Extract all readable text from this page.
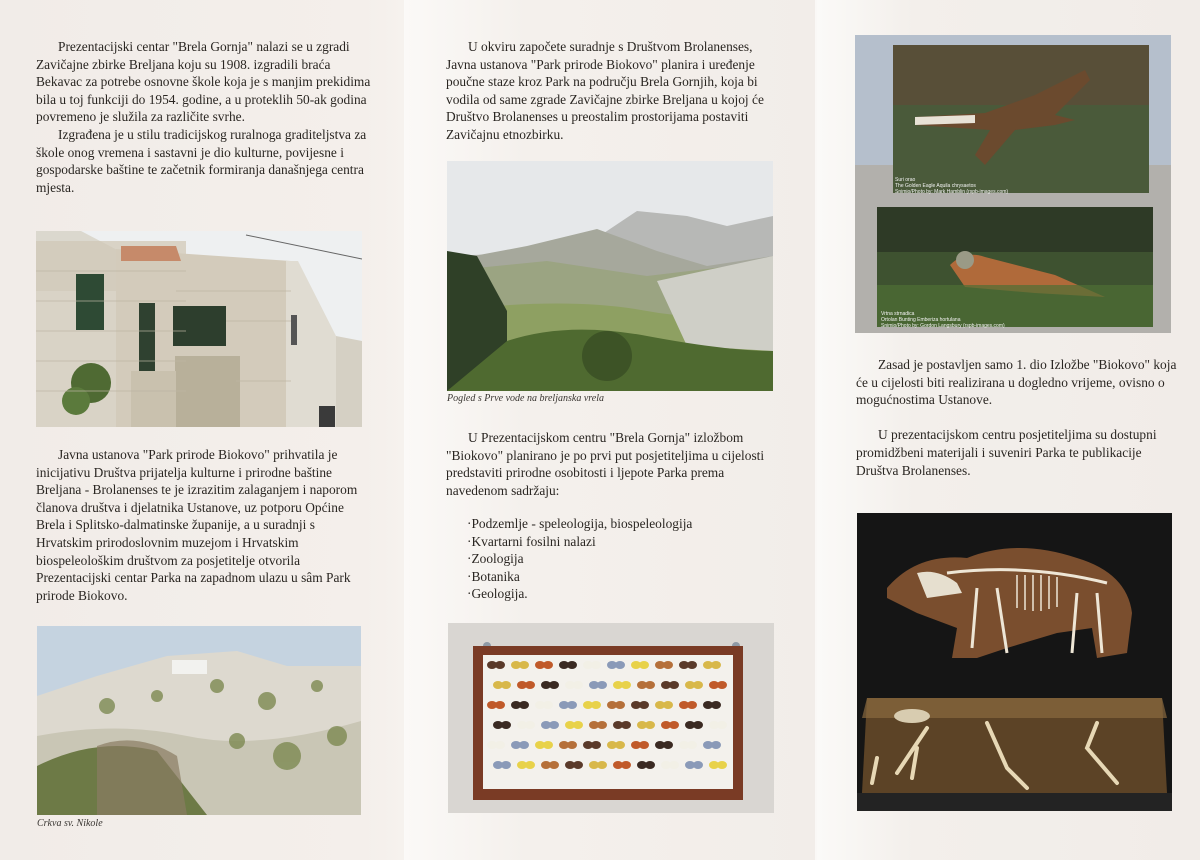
Prezentacijski centar "Brela Gornja" nalazi se u zgradi Zavičajne zbirke Breljana koju su 1908. izgradili braća Bekavac za potrebe osnovne škole koja je s manjim prekidima bila u toj funkciji do 1954. godine, a u proteklih 50-ak godina povremeno je služila za različite svrhe.

Izgrađena je u stilu tradicijskog ruralnoga graditeljstva za škole onog vremena i sastavni je dio kulturne, povijesne i gospodarske baštine te začetnik formiranja današnjega centra mjesta.

Javna ustanova "Park prirode Biokovo" prihvatila je inicijativu Društva prijatelja kulturne i prirodne baštine Breljana - Brolanenses te je izrazitim zalaganjem i naporom članova društva i djelatnika Ustanove, uz potporu Općine Brela i Splitsko-dalmatinske županije, a u suradnji s Hrvatskim prirodoslovnim muzejom i Hrvatskim biospeleološkim društvom za posjetitelje otvorila Prezentacijski centar Parka na zapadnom ulazu u sâm Park prirode Biokovo.

Crkva sv. Nikole

U okviru započete suradnje s Društvom Brolanenses, Javna ustanova "Park prirode Biokovo" planira i uređenje poučne staze kroz Park na području Brela Gornjih, koja bi vodila od same zgrade Zavičajne zbirke Breljana u kojoj će Društvo Brolanenses u preostalim prostorijama postaviti Zavičajnu etnozbirku.

Pogled s Prve vode na breljanska vrela

U Prezentacijskom centru "Brela Gornja" izložbom "Biokovo" planirano je po prvi put posjetiteljima u cijelosti predstaviti prirodne osobitosti i ljepote Parka prema navedenom sadržaju:

· Podzemlje - speleologija, biospeleologija
· Kvartarni fosilni nalazi
· Zoologija
· Botanika
· Geologija.
Suri orao
The Golden Eagle Aquila chrysaetos
Snimio/Photo by: Mark Hamblin (rspb-images.com)
Vrtna strnadica
Ortolan Bunting Emberiza hortulana
Snimio/Photo by: Gordon Langsbury (rspb-images.com)

Zasad je postavljen samo 1. dio Izložbe "Biokovo" koja će u cijelosti biti realizirana u dogledno vrijeme, ovisno o mogućnostima Ustanove.

U prezentacijskom centru posjetiteljima su dostupni promidžbeni materijali i suveniri Parka te publikacije Društva Brolanenses.
